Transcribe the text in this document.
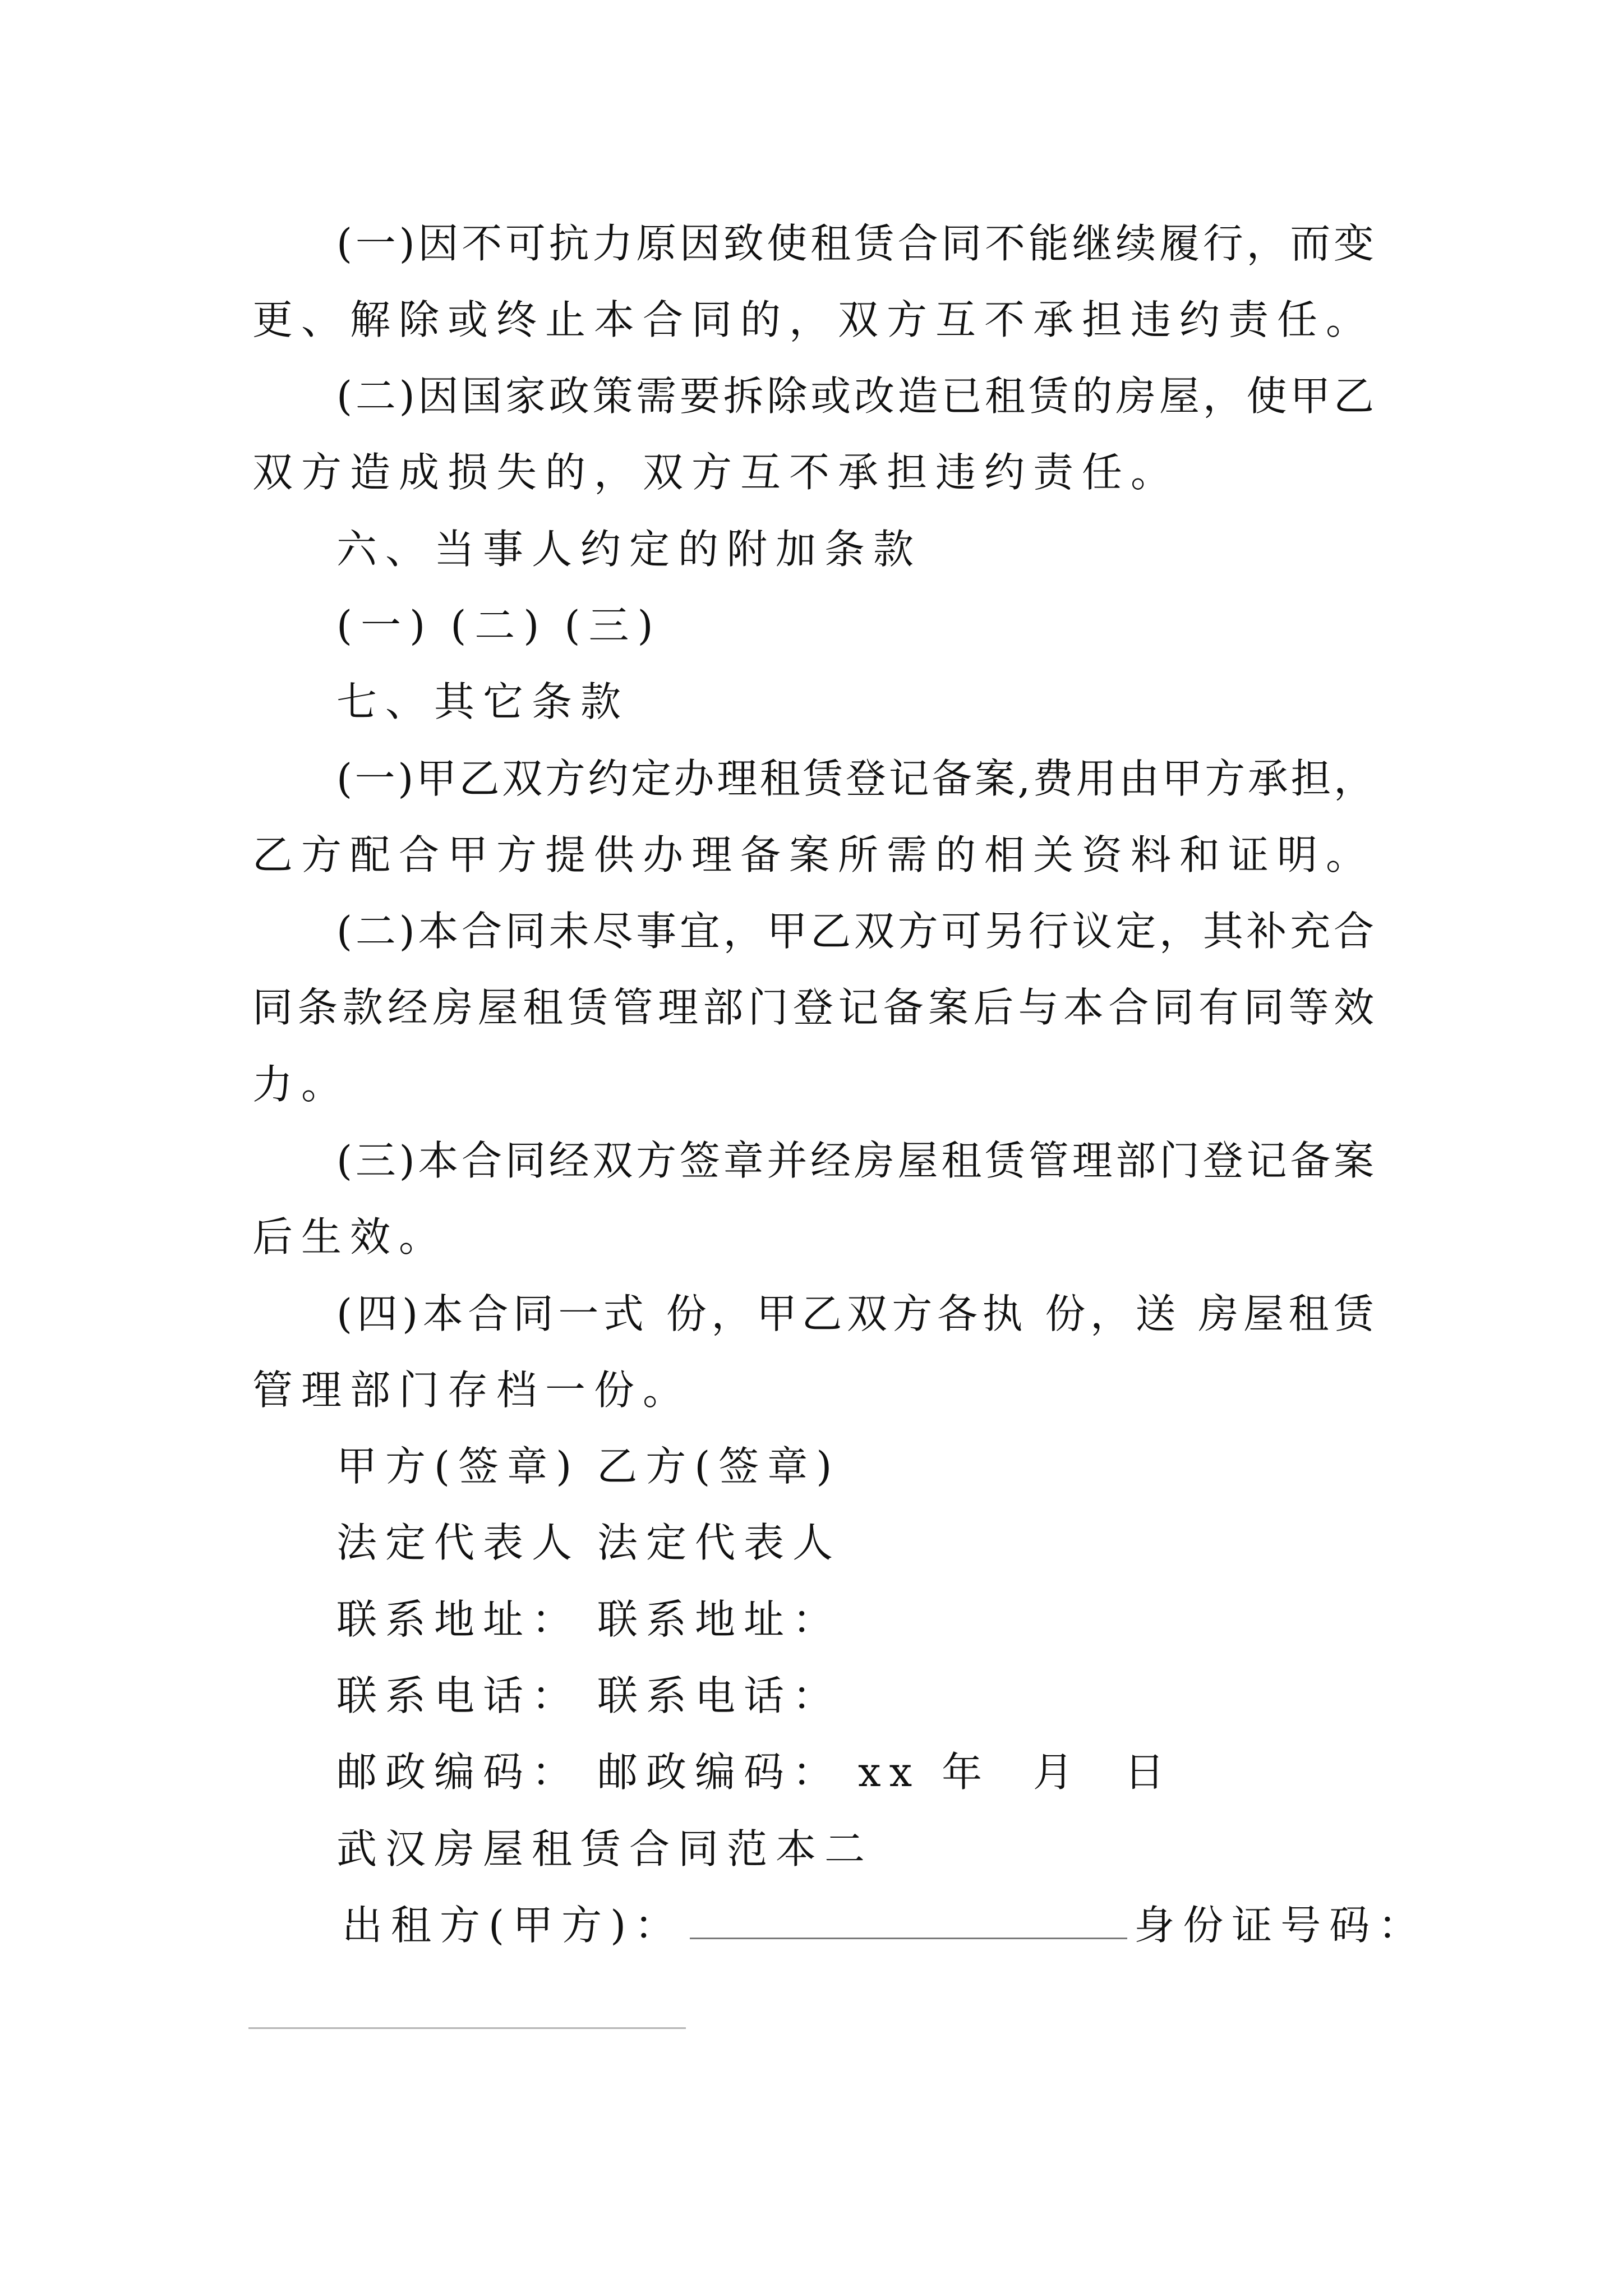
(一)因不可抗力原因致使租赁合同不能继续履行，而变

更、解除或终止本合同的，双方互不承担违约责任。

(二)因国家政策需要拆除或改造已租赁的房屋，使甲乙

双方造成损失的，双方互不承担违约责任。

六、当事人约定的附加条款

(一) (二) (三)

七、其它条款

(一)甲乙双方约定办理租赁登记备案,费用由甲方承担，

乙方配合甲方提供办理备案所需的相关资料和证明。

(二)本合同未尽事宜，甲乙双方可另行议定，其补充合

同条款经房屋租赁管理部门登记备案后与本合同有同等效

力。

(三)本合同经双方签章并经房屋租赁管理部门登记备案

后生效。

(四)本合同一式 份，甲乙双方各执 份，送 房屋租赁

管理部门存档一份。

甲方(签章) 乙方(签章)

法定代表人 法定代表人

联系地址： 联系地址：

联系电话： 联系电话：

邮政编码： 邮政编码： xx 年  月  日

武汉房屋租赁合同范本二

出租方(甲方)：	身份证号码：
